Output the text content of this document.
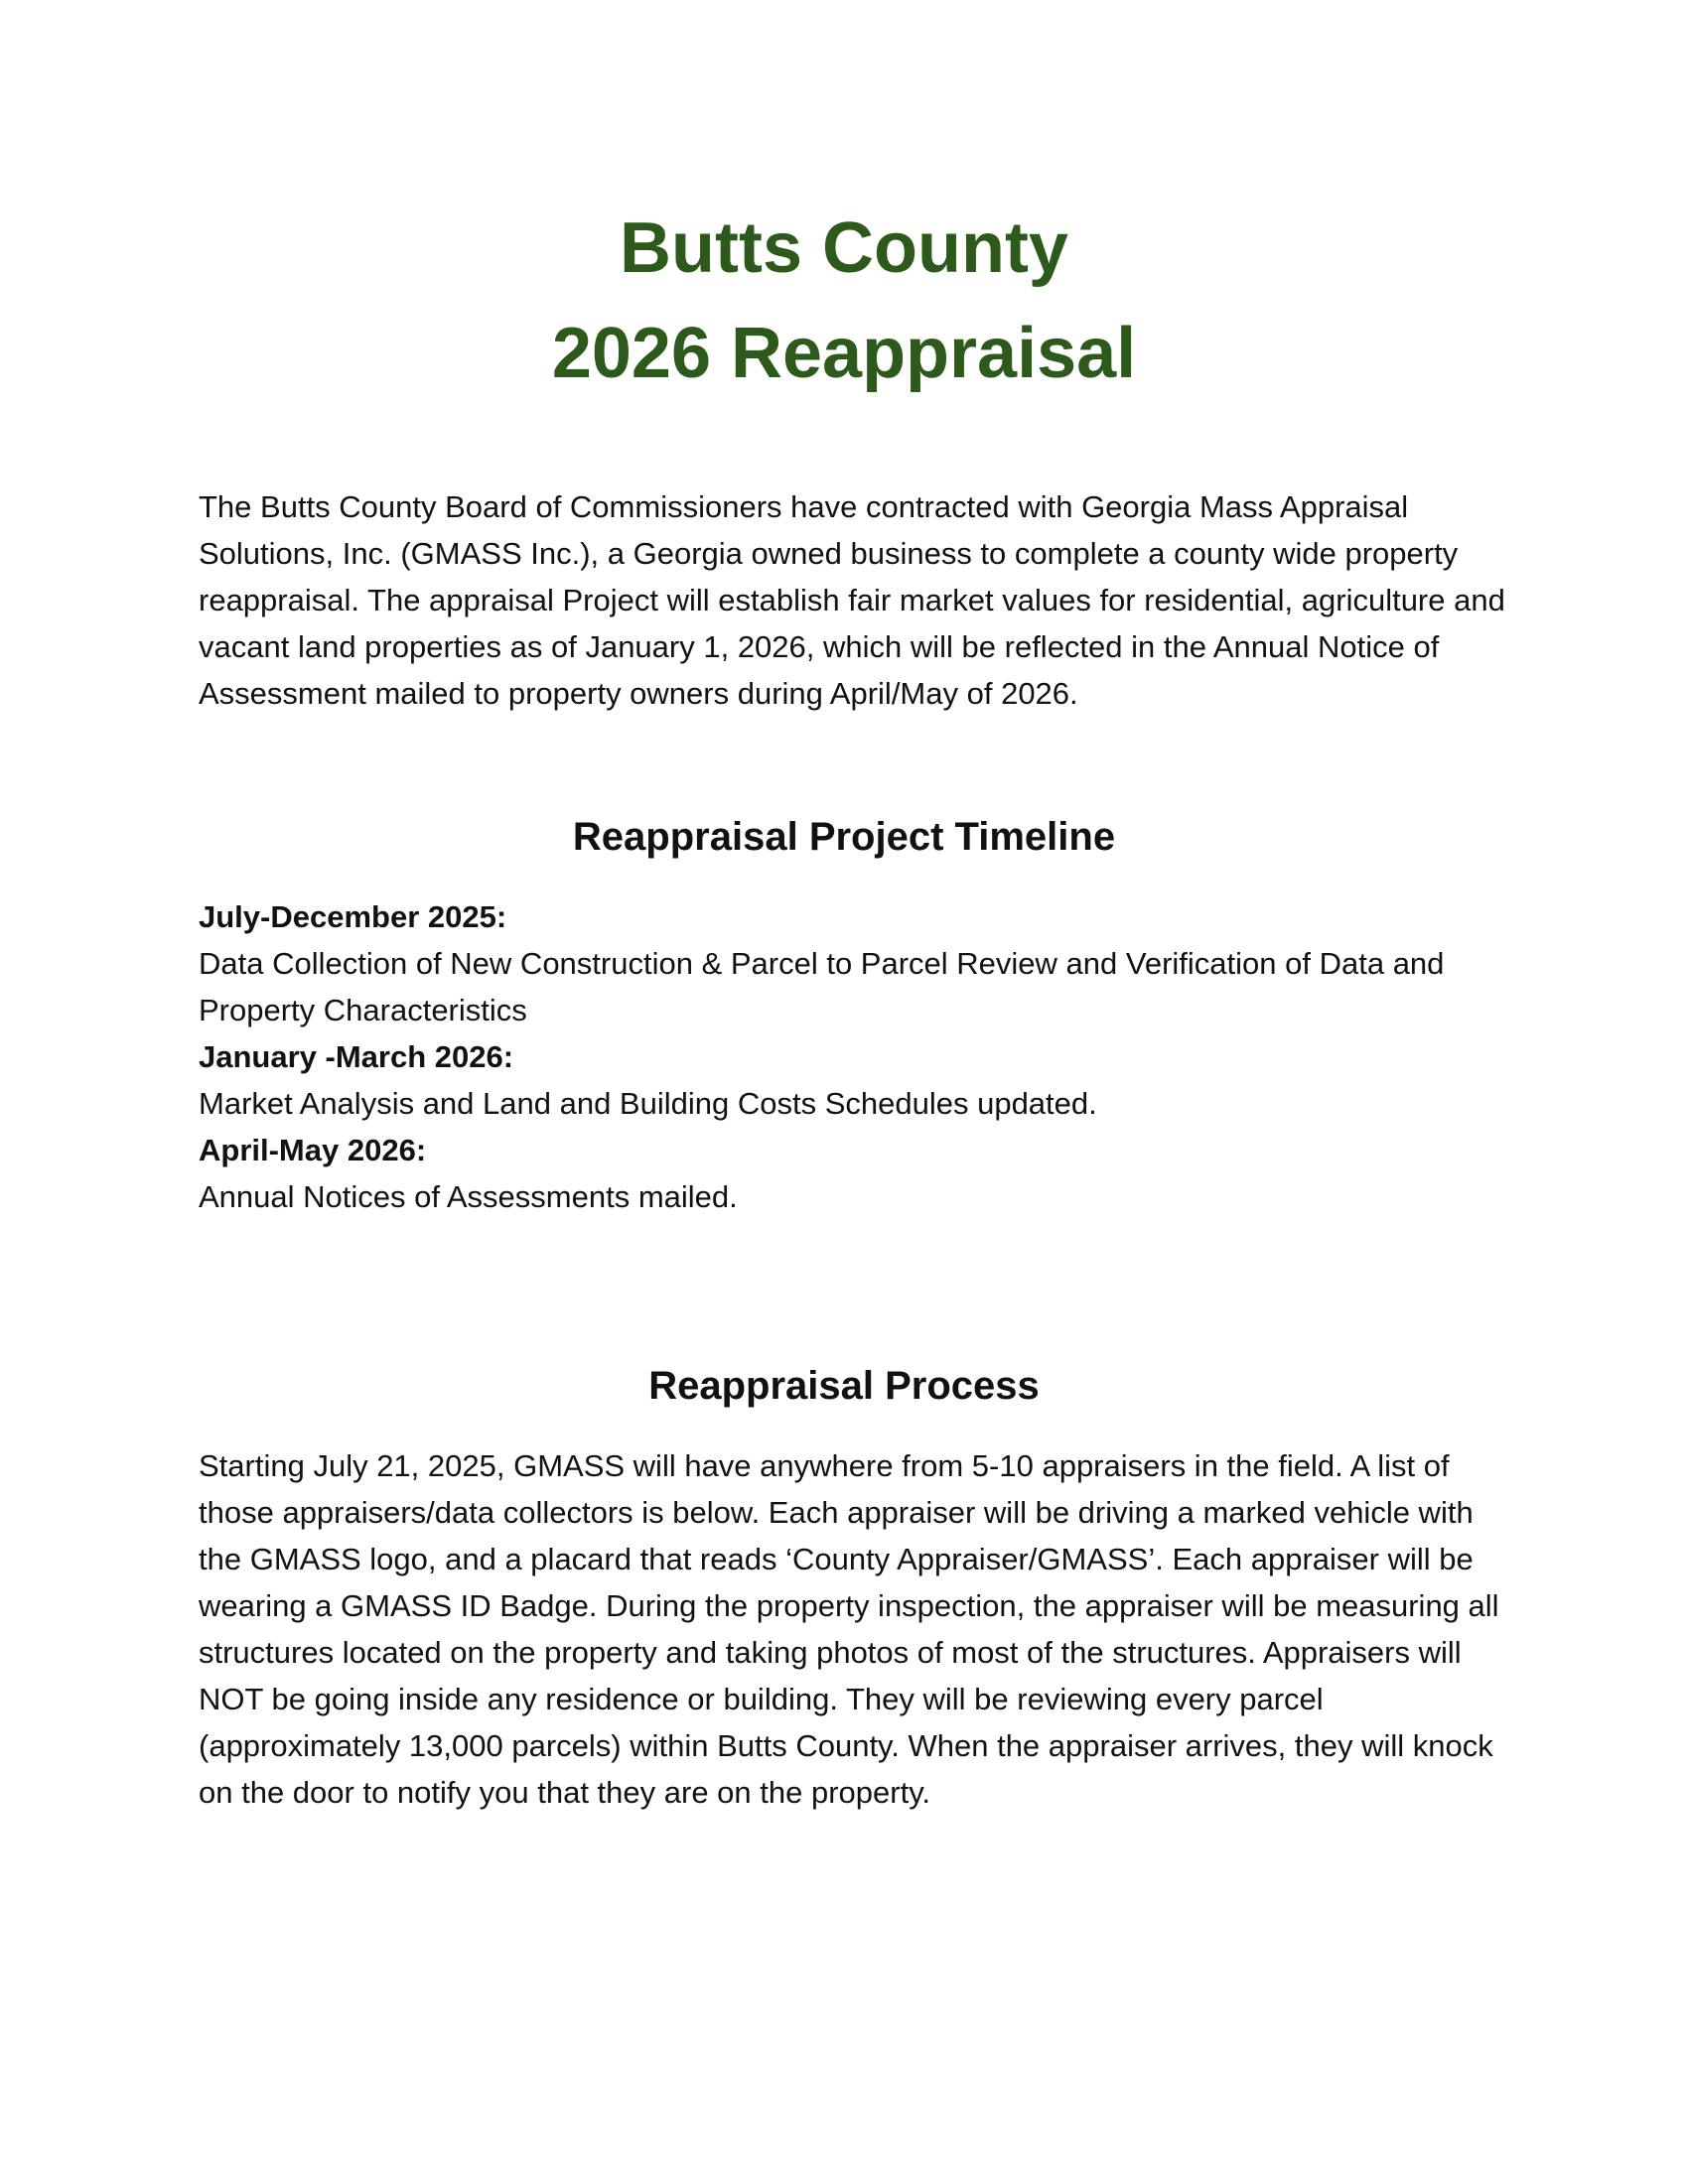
Butts County
2026 Reappraisal

The Butts County Board of Commissioners have contracted with Georgia Mass Appraisal Solutions, Inc. (GMASS Inc.), a Georgia owned business to complete a county wide property reappraisal. The appraisal Project will establish fair market values for residential, agriculture and vacant land properties as of January 1, 2026, which will be reflected in the Annual Notice of Assessment mailed to property owners during April/May of 2026.

Reappraisal Project Timeline

July-December 2025:

Data Collection of New Construction & Parcel to Parcel Review and Verification of Data and Property Characteristics

January -March 2026:

Market Analysis and Land and Building Costs Schedules updated.

April-May 2026:

Annual Notices of Assessments mailed.

Reappraisal Process

Starting July 21, 2025, GMASS will have anywhere from 5-10 appraisers in the field. A list of those appraisers/data collectors is below. Each appraiser will be driving a marked vehicle with the GMASS logo, and a placard that reads ‘County Appraiser/GMASS’. Each appraiser will be wearing a GMASS ID Badge. During the property inspection, the appraiser will be measuring all structures located on the property and taking photos of most of the structures. Appraisers will NOT be going inside any residence or building. They will be reviewing every parcel (approximately 13,000 parcels) within Butts County. When the appraiser arrives, they will knock on the door to notify you that they are on the property.
